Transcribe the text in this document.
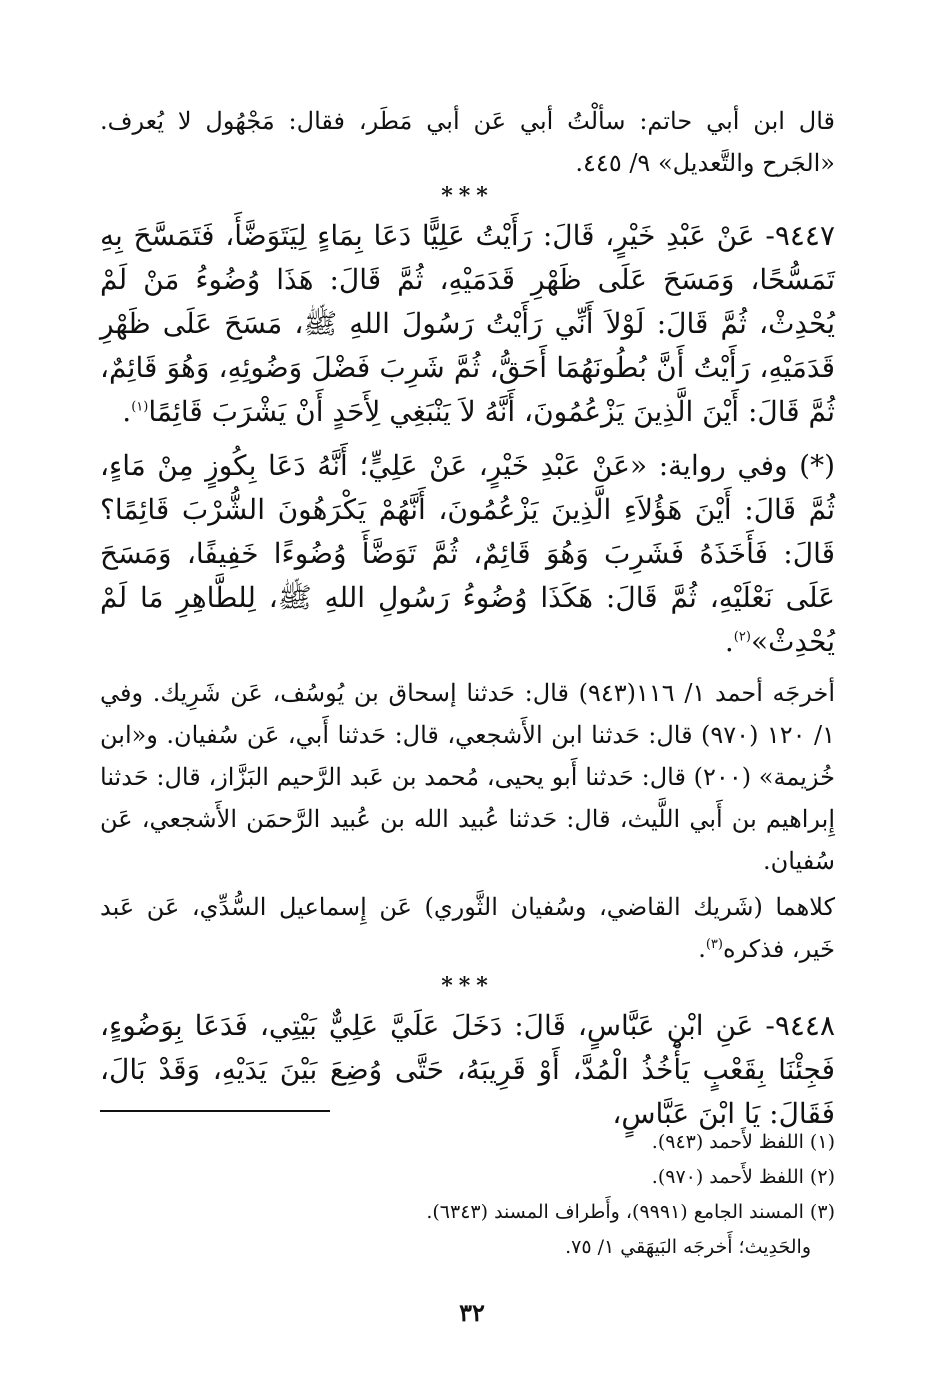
قال ابن أبي حاتم: سألْتُ أبي عَن أبي مَطَر، فقال: مَجْهُول لا يُعرف. «الجَرح والتَّعديل» ٩/ ٤٤٥.

***

٩٤٤٧- عَنْ عَبْدِ خَيْرٍ، قَالَ: رَأَيْتُ عَلِيًّا دَعَا بِمَاءٍ لِيَتَوَضَّأَ، فَتَمَسَّحَ بِهِ تَمَسُّحًا، وَمَسَحَ عَلَى ظَهْرِ قَدَمَيْهِ، ثُمَّ قَالَ: هَذَا وُضُوءُ مَنْ لَمْ يُحْدِثْ، ثُمَّ قَالَ: لَوْلاَ أَنِّي رَأَيْتُ رَسُولَ اللهِ ﷺ، مَسَحَ عَلَى ظَهْرِ قَدَمَيْهِ، رَأَيْتُ أَنَّ بُطُونَهُمَا أَحَقُّ، ثُمَّ شَرِبَ فَضْلَ وَضُوئِهِ، وَهُوَ قَائِمٌ، ثُمَّ قَالَ: أَيْنَ الَّذِينَ يَزْعُمُونَ، أَنَّهُ لاَ يَنْبَغِي لِأَحَدٍ أَنْ يَشْرَبَ قَائِمًا$^{(١)}$.

(*) وفي رواية: «عَنْ عَبْدِ خَيْرٍ، عَنْ عَلِيٍّ؛ أَنَّهُ دَعَا بِكُوزٍ مِنْ مَاءٍ، ثُمَّ قَالَ: أَيْنَ هَؤُلاَءِ الَّذِينَ يَزْعُمُونَ، أَنَّهُمْ يَكْرَهُونَ الشُّرْبَ قَائِمًا؟ قَالَ: فَأَخَذَهُ فَشَرِبَ وَهُوَ قَائِمٌ، ثُمَّ تَوَضَّأَ وُضُوءًا خَفِيفًا، وَمَسَحَ عَلَى نَعْلَيْهِ، ثُمَّ قَالَ: هَكَذَا وُضُوءُ رَسُولِ اللهِ ﷺ، لِلطَّاهِرِ مَا لَمْ يُحْدِثْ»$^{(٢)}$.

أخرجَه أحمد ١/ ١١٦(٩٤٣) قال: حَدثنا إسحاق بن يُوسُف، عَن شَرِيك. وفي ١/ ١٢٠ (٩٧٠) قال: حَدثنا ابن الأَشجعي، قال: حَدثنا أَبي، عَن سُفيان. و«ابن خُزيمة» (٢٠٠) قال: حَدثنا أَبو يحيى، مُحمد بن عَبد الرَّحيم البَزَّاز، قال: حَدثنا إِبراهيم بن أَبي اللَّيث، قال: حَدثنا عُبيد الله بن عُبيد الرَّحمَن الأَشجعي، عَن سُفيان.

كلاهما (شَريك القاضي، وسُفيان الثَّوري) عَن إِسماعيل السُّدِّي، عَن عَبد خَير، فذكره$^{(٣)}$.

***

٩٤٤٨- عَنِ ابْنِ عَبَّاسٍ، قَالَ: دَخَلَ عَلَيَّ عَلِيٌّ بَيْتِي، فَدَعَا بِوَضُوءٍ، فَجِئْنَا بِقَعْبٍ يَأْخُذُ الْمُدَّ، أَوْ قَرِيبَهُ، حَتَّى وُضِعَ بَيْنَ يَدَيْهِ، وَقَدْ بَالَ، فَقَالَ: يَا ابْنَ عَبَّاسٍ،

(١) اللفظ لأَحمد (٩٤٣).

(٢) اللفظ لأَحمد (٩٧٠).

(٣) المسند الجامع (٩٩٩١)، وأَطراف المسند (٦٣٤٣).

والحَدِيث؛ أَخرجَه البَيهَقي ١/ ٧٥.

٣٢
